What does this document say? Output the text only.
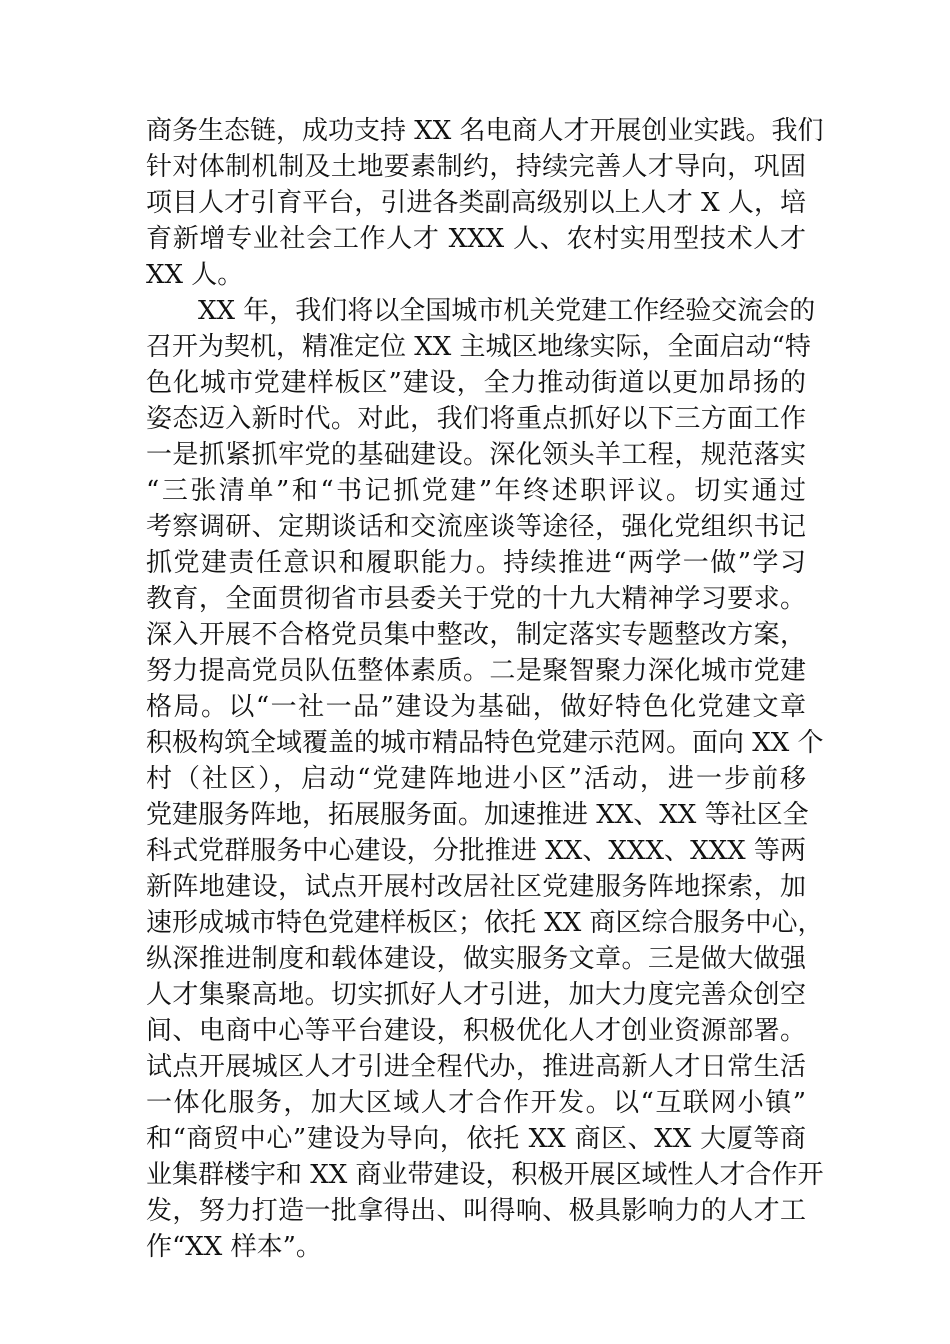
商务生态链，成功支持 XX 名电商人才开展创业实践。我们
针对体制机制及土地要素制约，持续完善人才导向，巩固
项目人才引育平台，引进各类副高级别以上人才 X 人，培
育新增专业社会工作人才 XXX 人、农村实用型技术人才
XX 人。
XX 年，我们将以全国城市机关党建工作经验交流会的
召开为契机，精准定位 XX 主城区地缘实际，全面启动“特
色化城市党建样板区”建设，全力推动街道以更加昂扬的
姿态迈入新时代。对此，我们将重点抓好以下三方面工作
一是抓紧抓牢党的基础建设。深化领头羊工程，规范落实
“三张清单”和“书记抓党建”年终述职评议。切实通过
考察调研、定期谈话和交流座谈等途径，强化党组织书记
抓党建责任意识和履职能力。持续推进“两学一做”学习
教育，全面贯彻省市县委关于党的十九大精神学习要求。
深入开展不合格党员集中整改，制定落实专题整改方案，
努力提高党员队伍整体素质。二是聚智聚力深化城市党建
格局。以“一社一品”建设为基础，做好特色化党建文章
积极构筑全域覆盖的城市精品特色党建示范网。面向 XX 个
村（社区），启动“党建阵地进小区”活动，进一步前移
党建服务阵地，拓展服务面。加速推进 XX、XX 等社区全
科式党群服务中心建设，分批推进 XX、XXX、XXX 等两
新阵地建设，试点开展村改居社区党建服务阵地探索，加
速形成城市特色党建样板区；依托 XX 商区综合服务中心，
纵深推进制度和载体建设，做实服务文章。三是做大做强
人才集聚高地。切实抓好人才引进，加大力度完善众创空
间、电商中心等平台建设，积极优化人才创业资源部署。
试点开展城区人才引进全程代办，推进高新人才日常生活
一体化服务，加大区域人才合作开发。以“互联网小镇”
和“商贸中心”建设为导向，依托 XX 商区、XX 大厦等商
业集群楼宇和 XX 商业带建设，积极开展区域性人才合作开
发，努力打造一批拿得出、叫得响、极具影响力的人才工
作“XX 样本”。
